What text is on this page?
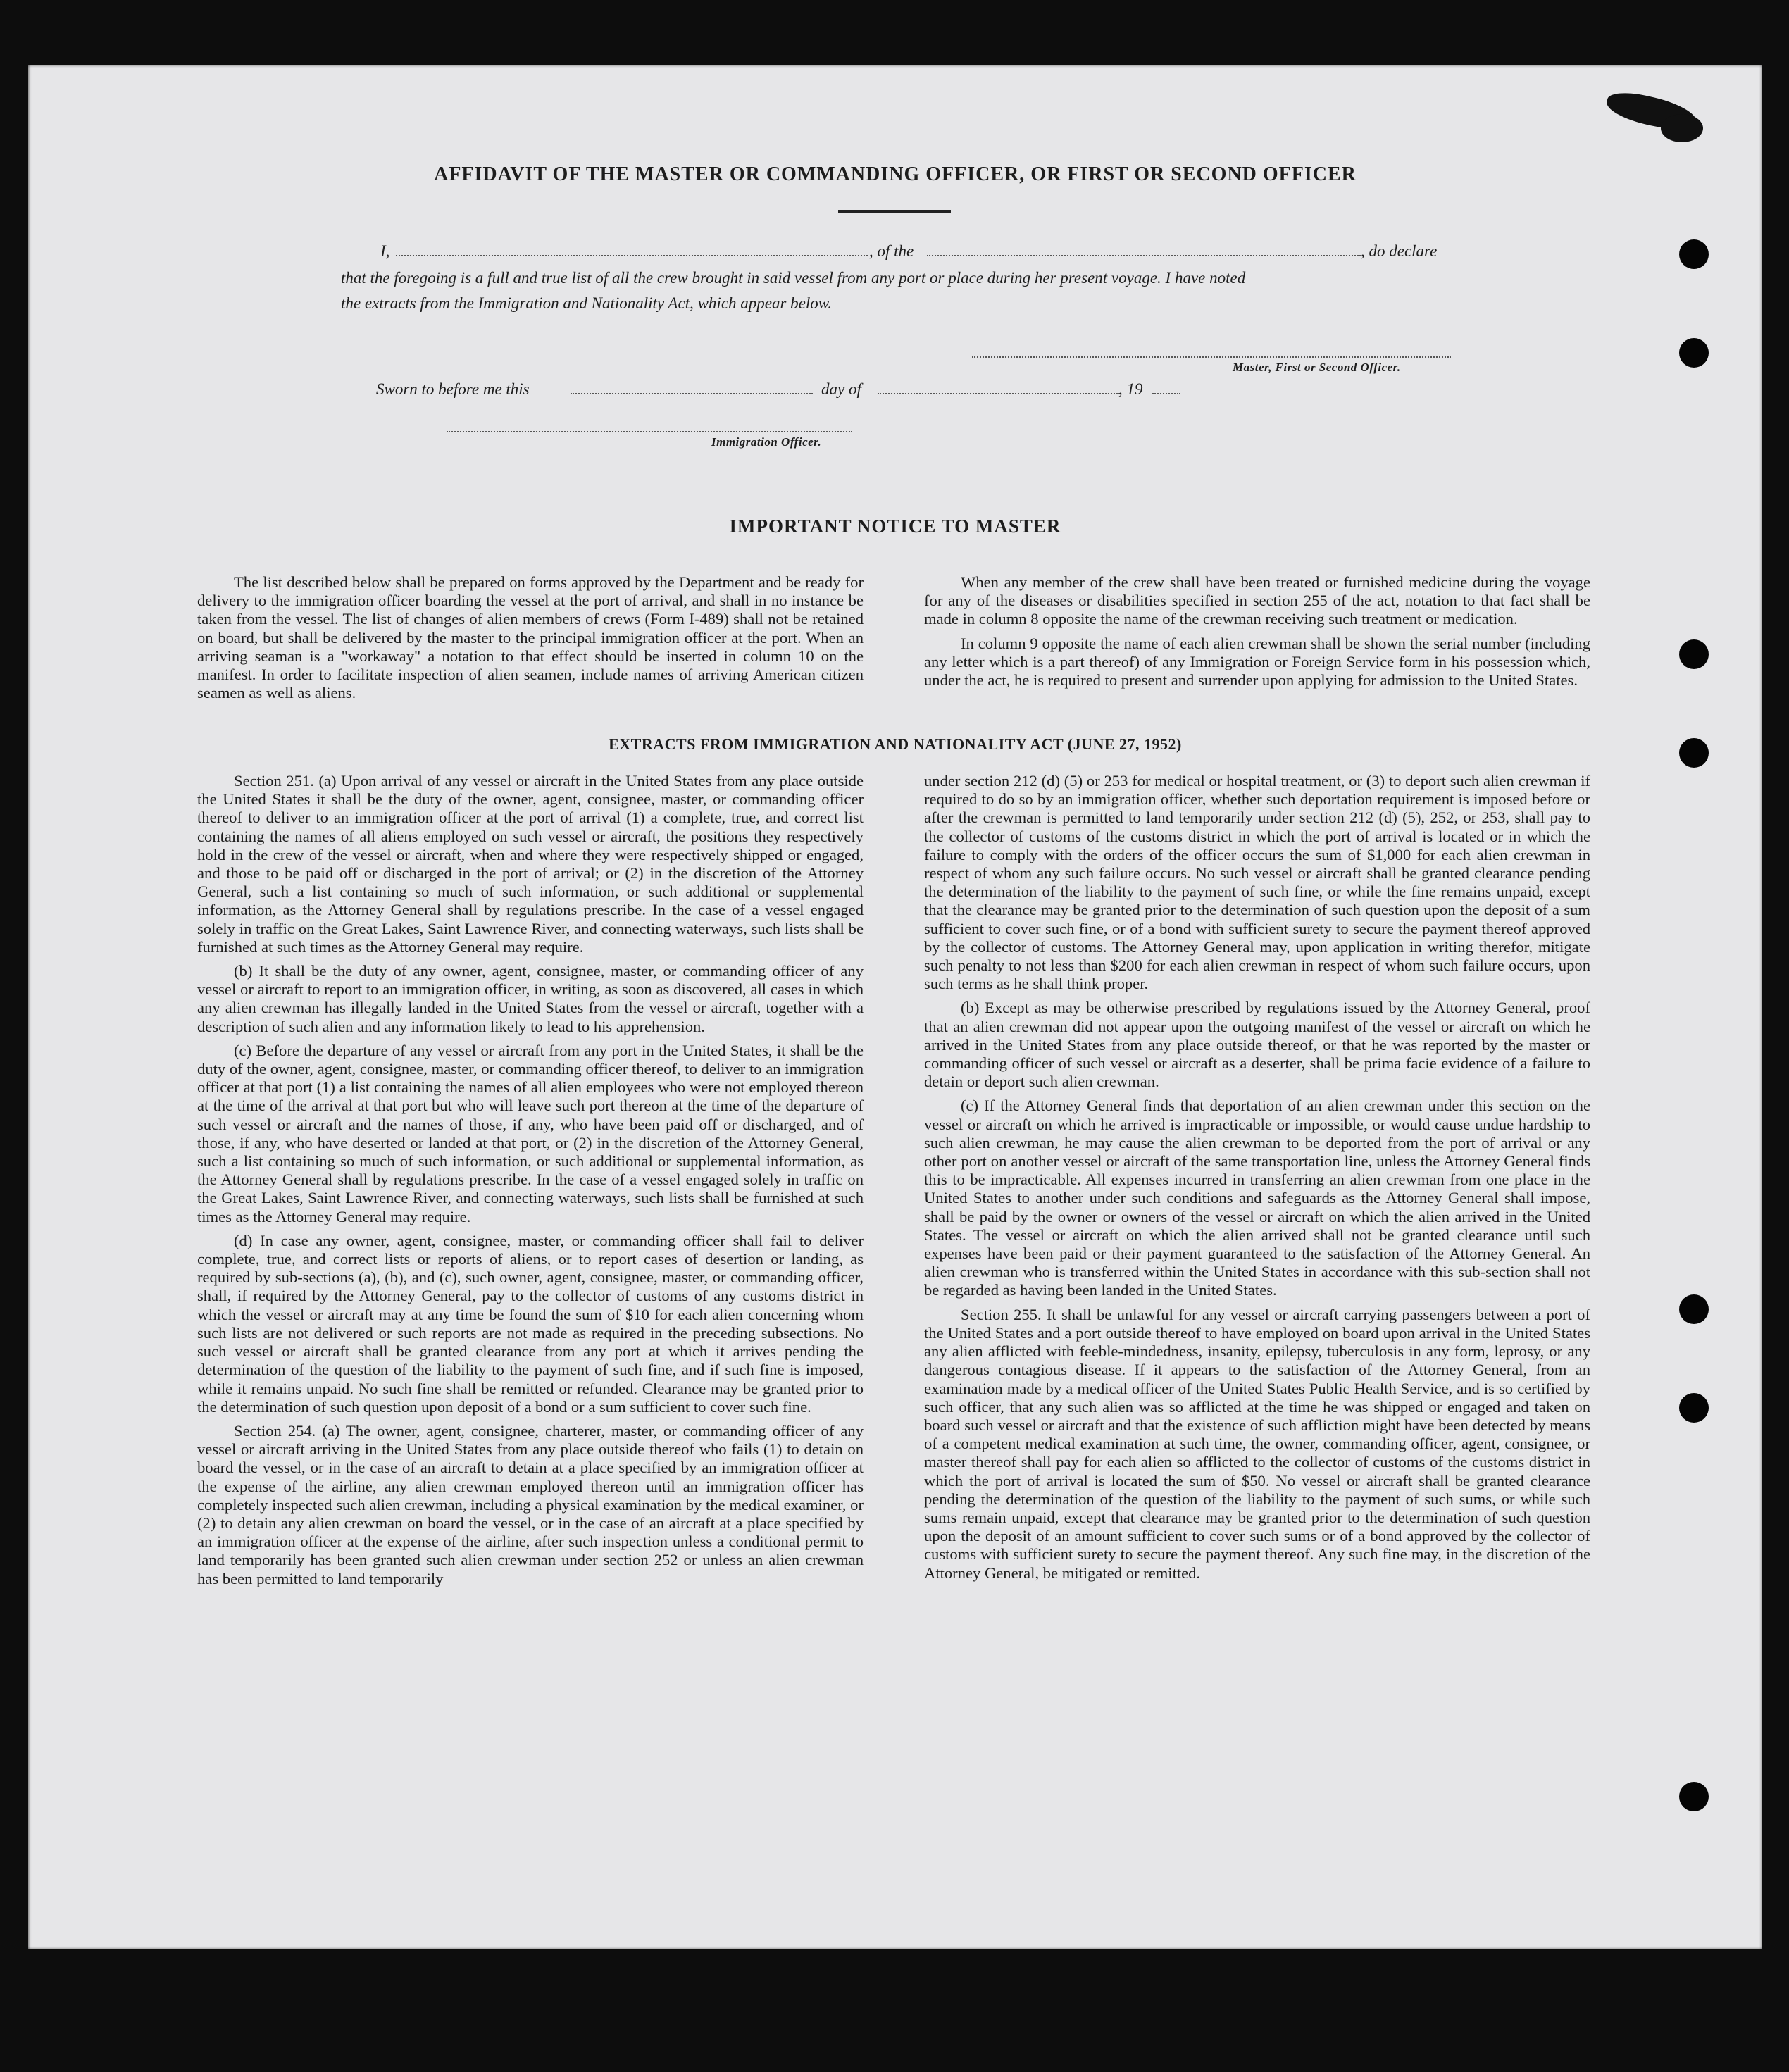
AFFIDAVIT OF THE MASTER OR COMMANDING OFFICER, OR FIRST OR SECOND OFFICER
I,	, of the	, do declare
that the foregoing is a full and true list of all the crew brought in said vessel from any port or place during her present voyage. I have noted
the extracts from the Immigration and Nationality Act, which appear below.
Master, First or Second Officer.
Sworn to before me this	day of	, 19
Immigration Officer.
IMPORTANT NOTICE TO MASTER

The list described below shall be prepared on forms approved by the Department and be ready for delivery to the immigration officer boarding the vessel at the port of arrival, and shall in no instance be taken from the vessel. The list of changes of alien members of crews (Form I-489) shall not be retained on board, but shall be delivered by the master to the principal immigration officer at the port. When an arriving seaman is a "workaway" a notation to that effect should be inserted in column 10 on the manifest. In order to facilitate inspection of alien seamen, include names of arriving American citizen seamen as well as aliens.

When any member of the crew shall have been treated or furnished medicine during the voyage for any of the diseases or disabilities specified in section 255 of the act, notation to that fact shall be made in column 8 opposite the name of the crewman receiving such treatment or medication.

In column 9 opposite the name of each alien crewman shall be shown the serial number (including any letter which is a part thereof) of any Immigration or Foreign Service form in his possession which, under the act, he is required to present and surrender upon applying for admission to the United States.

EXTRACTS FROM IMMIGRATION AND NATIONALITY ACT (JUNE 27, 1952)

Section 251. (a) Upon arrival of any vessel or aircraft in the United States from any place outside the United States it shall be the duty of the owner, agent, consignee, master, or commanding officer thereof to deliver to an immigration officer at the port of arrival (1) a complete, true, and correct list containing the names of all aliens employed on such vessel or aircraft, the positions they respectively hold in the crew of the vessel or aircraft, when and where they were respectively shipped or engaged, and those to be paid off or discharged in the port of arrival; or (2) in the discretion of the Attorney General, such a list containing so much of such information, or such additional or supplemental information, as the Attorney General shall by regulations prescribe. In the case of a vessel engaged solely in traffic on the Great Lakes, Saint Lawrence River, and connecting waterways, such lists shall be furnished at such times as the Attorney General may require.

(b) It shall be the duty of any owner, agent, consignee, master, or commanding officer of any vessel or aircraft to report to an immigration officer, in writing, as soon as discovered, all cases in which any alien crewman has illegally landed in the United States from the vessel or aircraft, together with a description of such alien and any information likely to lead to his apprehension.

(c) Before the departure of any vessel or aircraft from any port in the United States, it shall be the duty of the owner, agent, consignee, master, or commanding officer thereof, to deliver to an immigration officer at that port (1) a list containing the names of all alien employees who were not employed thereon at the time of the arrival at that port but who will leave such port thereon at the time of the departure of such vessel or aircraft and the names of those, if any, who have been paid off or discharged, and of those, if any, who have deserted or landed at that port, or (2) in the discretion of the Attorney General, such a list containing so much of such information, or such additional or supplemental information, as the Attorney General shall by regulations prescribe. In the case of a vessel engaged solely in traffic on the Great Lakes, Saint Lawrence River, and connecting waterways, such lists shall be furnished at such times as the Attorney General may require.

(d) In case any owner, agent, consignee, master, or commanding officer shall fail to deliver complete, true, and correct lists or reports of aliens, or to report cases of desertion or landing, as required by sub-sections (a), (b), and (c), such owner, agent, consignee, master, or commanding officer, shall, if required by the Attorney General, pay to the collector of customs of any customs district in which the vessel or aircraft may at any time be found the sum of $10 for each alien concerning whom such lists are not delivered or such reports are not made as required in the preceding subsections. No such vessel or aircraft shall be granted clearance from any port at which it arrives pending the determination of the question of the liability to the payment of such fine, and if such fine is imposed, while it remains unpaid. No such fine shall be remitted or refunded. Clearance may be granted prior to the determination of such question upon deposit of a bond or a sum sufficient to cover such fine.

Section 254. (a) The owner, agent, consignee, charterer, master, or commanding officer of any vessel or aircraft arriving in the United States from any place outside thereof who fails (1) to detain on board the vessel, or in the case of an aircraft to detain at a place specified by an immigration officer at the expense of the airline, any alien crewman employed thereon until an immigration officer has completely inspected such alien crewman, including a physical examination by the medical examiner, or (2) to detain any alien crewman on board the vessel, or in the case of an aircraft at a place specified by an immigration officer at the expense of the airline, after such inspection unless a conditional permit to land temporarily has been granted such alien crewman under section 252 or unless an alien crewman has been permitted to land temporarily

under section 212 (d) (5) or 253 for medical or hospital treatment, or (3) to deport such alien crewman if required to do so by an immigration officer, whether such deportation requirement is imposed before or after the crewman is permitted to land temporarily under section 212 (d) (5), 252, or 253, shall pay to the collector of customs of the customs district in which the port of arrival is located or in which the failure to comply with the orders of the officer occurs the sum of $1,000 for each alien crewman in respect of whom any such failure occurs. No such vessel or aircraft shall be granted clearance pending the determination of the liability to the payment of such fine, or while the fine remains unpaid, except that the clearance may be granted prior to the determination of such question upon the deposit of a sum sufficient to cover such fine, or of a bond with sufficient surety to secure the payment thereof approved by the collector of customs. The Attorney General may, upon application in writing therefor, mitigate such penalty to not less than $200 for each alien crewman in respect of whom such failure occurs, upon such terms as he shall think proper.

(b) Except as may be otherwise prescribed by regulations issued by the Attorney General, proof that an alien crewman did not appear upon the outgoing manifest of the vessel or aircraft on which he arrived in the United States from any place outside thereof, or that he was reported by the master or commanding officer of such vessel or aircraft as a deserter, shall be prima facie evidence of a failure to detain or deport such alien crewman.

(c) If the Attorney General finds that deportation of an alien crewman under this section on the vessel or aircraft on which he arrived is impracticable or impossible, or would cause undue hardship to such alien crewman, he may cause the alien crewman to be deported from the port of arrival or any other port on another vessel or aircraft of the same transportation line, unless the Attorney General finds this to be impracticable. All expenses incurred in transferring an alien crewman from one place in the United States to another under such conditions and safeguards as the Attorney General shall impose, shall be paid by the owner or owners of the vessel or aircraft on which the alien arrived in the United States. The vessel or aircraft on which the alien arrived shall not be granted clearance until such expenses have been paid or their payment guaranteed to the satisfaction of the Attorney General. An alien crewman who is transferred within the United States in accordance with this sub-section shall not be regarded as having been landed in the United States.

Section 255. It shall be unlawful for any vessel or aircraft carrying passengers between a port of the United States and a port outside thereof to have employed on board upon arrival in the United States any alien afflicted with feeble-mindedness, insanity, epilepsy, tuberculosis in any form, leprosy, or any dangerous contagious disease. If it appears to the satisfaction of the Attorney General, from an examination made by a medical officer of the United States Public Health Service, and is so certified by such officer, that any such alien was so afflicted at the time he was shipped or engaged and taken on board such vessel or aircraft and that the existence of such affliction might have been detected by means of a competent medical examination at such time, the owner, commanding officer, agent, consignee, or master thereof shall pay for each alien so afflicted to the collector of customs of the customs district in which the port of arrival is located the sum of $50. No vessel or aircraft shall be granted clearance pending the determination of the question of the liability to the payment of such sums, or while such sums remain unpaid, except that clearance may be granted prior to the determination of such question upon the deposit of an amount sufficient to cover such sums or of a bond approved by the collector of customs with sufficient surety to secure the payment thereof. Any such fine may, in the discretion of the Attorney General, be mitigated or remitted.
